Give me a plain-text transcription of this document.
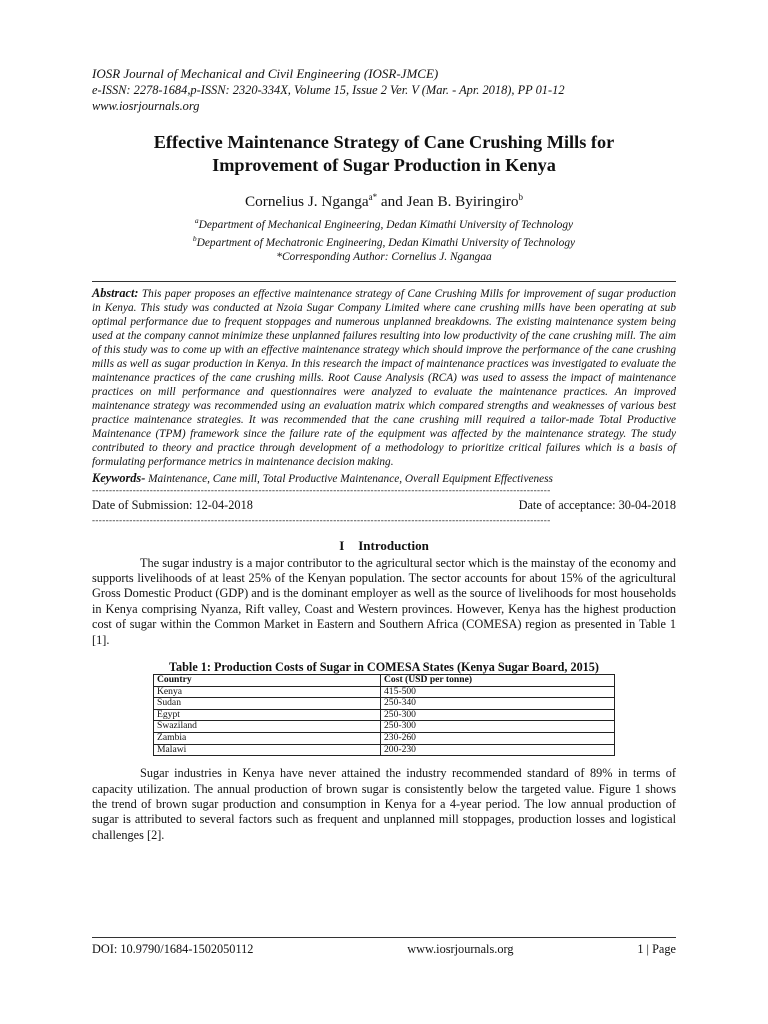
IOSR Journal of Mechanical and Civil Engineering (IOSR-JMCE)
e-ISSN: 2278-1684,p-ISSN: 2320-334X, Volume 15, Issue 2 Ver. V (Mar. - Apr. 2018), PP 01-12
www.iosrjournals.org
Effective Maintenance Strategy of Cane Crushing Mills for
Improvement of Sugar Production in Kenya
Cornelius J. Nganga$^{a*}$ and Jean B. Byiringiro$^b$
$^a$Department of Mechanical Engineering, Dedan Kimathi University of Technology
$^b$Department of Mechatronic Engineering, Dedan Kimathi University of Technology
*Corresponding Author: Cornelius J. Ngangaa

Abstract: This paper proposes an effective maintenance strategy of Cane Crushing Mills for improvement of sugar production in Kenya. This study was conducted at Nzoia Sugar Company Limited where cane crushing mills have been operating at sub optimal performance due to frequent stoppages and numerous unplanned breakdowns. The existing maintenance system being used at the company cannot minimize these unplanned failures resulting into low productivity of the cane crushing mill. The aim of this study was to come up with an effective maintenance strategy which should improve the performance of the cane crushing mills as well as sugar production in Kenya. In this research the impact of maintenance practices was investigated to evaluate the maintenance practices of the cane crushing mills. Root Cause Analysis (RCA) was used to assess the impact of maintenance practices on mill performance and questionnaires were analyzed to evaluate the maintenance practices. An improved maintenance strategy was recommended using an evaluation matrix which compared strengths and weaknesses of various best practice maintenance strategies. It was recommended that the cane crushing mill required a tailor-made Total Productive Maintenance (TPM) framework since the failure rate of the equipment was affected by the maintenance strategy. The study contributed to theory and practice through development of a methodology to prioritize critical failures which is a basis of formulating performance metrics in maintenance decision making.

Keywords- Maintenance, Cane mill, Total Productive Maintenance, Overall Equipment Effectiveness
---------------------------------------------------------------------------------------------------------------------------------------
Date of Submission: 12-04-2018	Date of acceptance: 30-04-2018
---------------------------------------------------------------------------------------------------------------------------------------
I Introduction

The sugar industry is a major contributor to the agricultural sector which is the mainstay of the economy and supports livelihoods of at least 25% of the Kenyan population. The sector accounts for about 15% of the agricultural Gross Domestic Product (GDP) and is the dominant employer as well as the source of livelihoods for most households in Kenya comprising Nyanza, Rift valley, Coast and Western provinces. However, Kenya has the highest production cost of sugar within the Common Market in Eastern and Southern Africa (COMESA) region as presented in Table 1 [1].

Table 1: Production Costs of Sugar in COMESA States (Kenya Sugar Board, 2015)
Country	Cost (USD per tonne)
Kenya	415-500
Sudan	250-340
Egypt	250-300
Swaziland	250-300
Zambia	230-260
Malawi	200-230

Sugar industries in Kenya have never attained the industry recommended standard of 89% in terms of capacity utilization. The annual production of brown sugar is consistently below the targeted value. Figure 1 shows the trend of brown sugar production and consumption in Kenya for a 4-year period. The low annual production of sugar is attributed to several factors such as frequent and unplanned mill stoppages, production losses and logistical challenges [2].

DOI: 10.9790/1684-1502050112	www.iosrjournals.org	1 | Page
